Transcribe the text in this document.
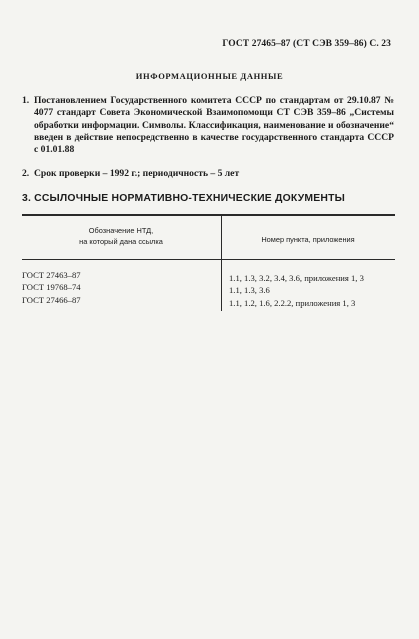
ГОСТ 27465–87 (СТ СЭВ 359–86) С. 23
ИНФОРМАЦИОННЫЕ ДАННЫЕ
1. Постановлением Государственного комитета СССР по стандартам от 29.10.87 № 4077 стандарт Совета Экономической Взаимопомощи СТ СЭВ 359–86 „Системы обработки информации. Символы. Классификация, наименование и обозначение“ введен в действие непосредственно в качестве государственного стандарта СССР с 01.01.88
2. Срок проверки – 1992 г.; периодичность – 5 лет
3. ССЫЛОЧНЫЕ НОРМАТИВНО-ТЕХНИЧЕСКИЕ ДОКУМЕНТЫ
Обозначение НТД,
на который дана ссылка	Номер пункта, приложения
ГОСТ 27463–87	1.1, 1.3, 3.2, 3.4, 3.6, приложения 1, 3
ГОСТ 19768–74	1.1, 1.3, 3.6
ГОСТ 27466–87	1.1, 1.2, 1.6, 2.2.2, приложения 1, 3
